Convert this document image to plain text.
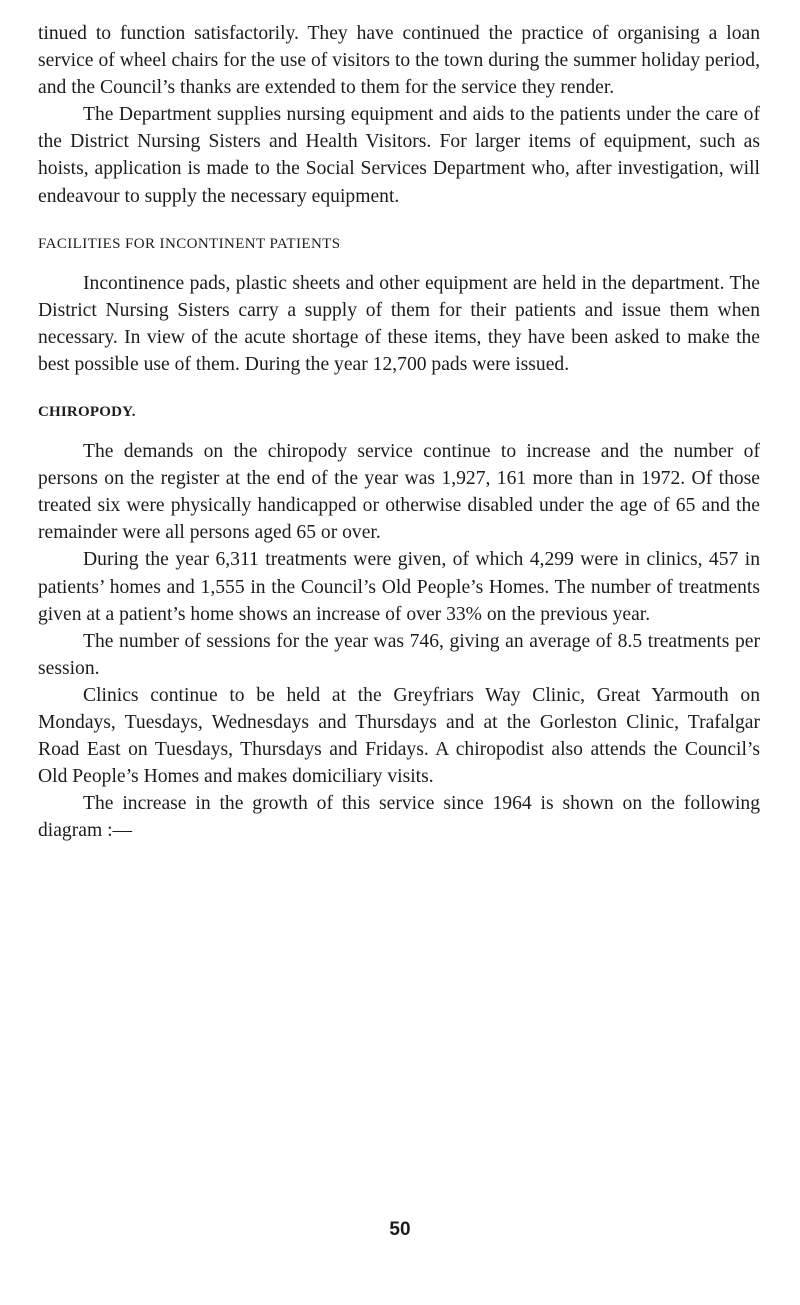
tinued to function satisfactorily. They have continued the practice of organising a loan service of wheel chairs for the use of visitors to the town during the summer holiday period, and the Council’s thanks are extended to them for the service they render.

The Department supplies nursing equipment and aids to the patients under the care of the District Nursing Sisters and Health Visitors. For larger items of equipment, such as hoists, application is made to the Social Services Department who, after investigation, will endeavour to supply the necessary equipment.

FACILITIES FOR INCONTINENT PATIENTS

Incontinence pads, plastic sheets and other equipment are held in the department. The District Nursing Sisters carry a supply of them for their patients and issue them when necessary. In view of the acute shortage of these items, they have been asked to make the best possible use of them. During the year 12,700 pads were issued.

CHIROPODY.

The demands on the chiropody service continue to increase and the number of persons on the register at the end of the year was 1,927, 161 more than in 1972. Of those treated six were physically handicapped or otherwise disabled under the age of 65 and the remainder were all persons aged 65 or over.

During the year 6,311 treatments were given, of which 4,299 were in clinics, 457 in patients’ homes and 1,555 in the Council’s Old People’s Homes. The number of treatments given at a patient’s home shows an increase of over 33% on the previous year.

The number of sessions for the year was 746, giving an average of 8.5 treatments per session.

Clinics continue to be held at the Greyfriars Way Clinic, Great Yarmouth on Mondays, Tuesdays, Wednesdays and Thursdays and at the Gorleston Clinic, Trafalgar Road East on Tuesdays, Thursdays and Fridays. A chiropodist also attends the Council’s Old People’s Homes and makes domiciliary visits.

The increase in the growth of this service since 1964 is shown on the following diagram :—

50
